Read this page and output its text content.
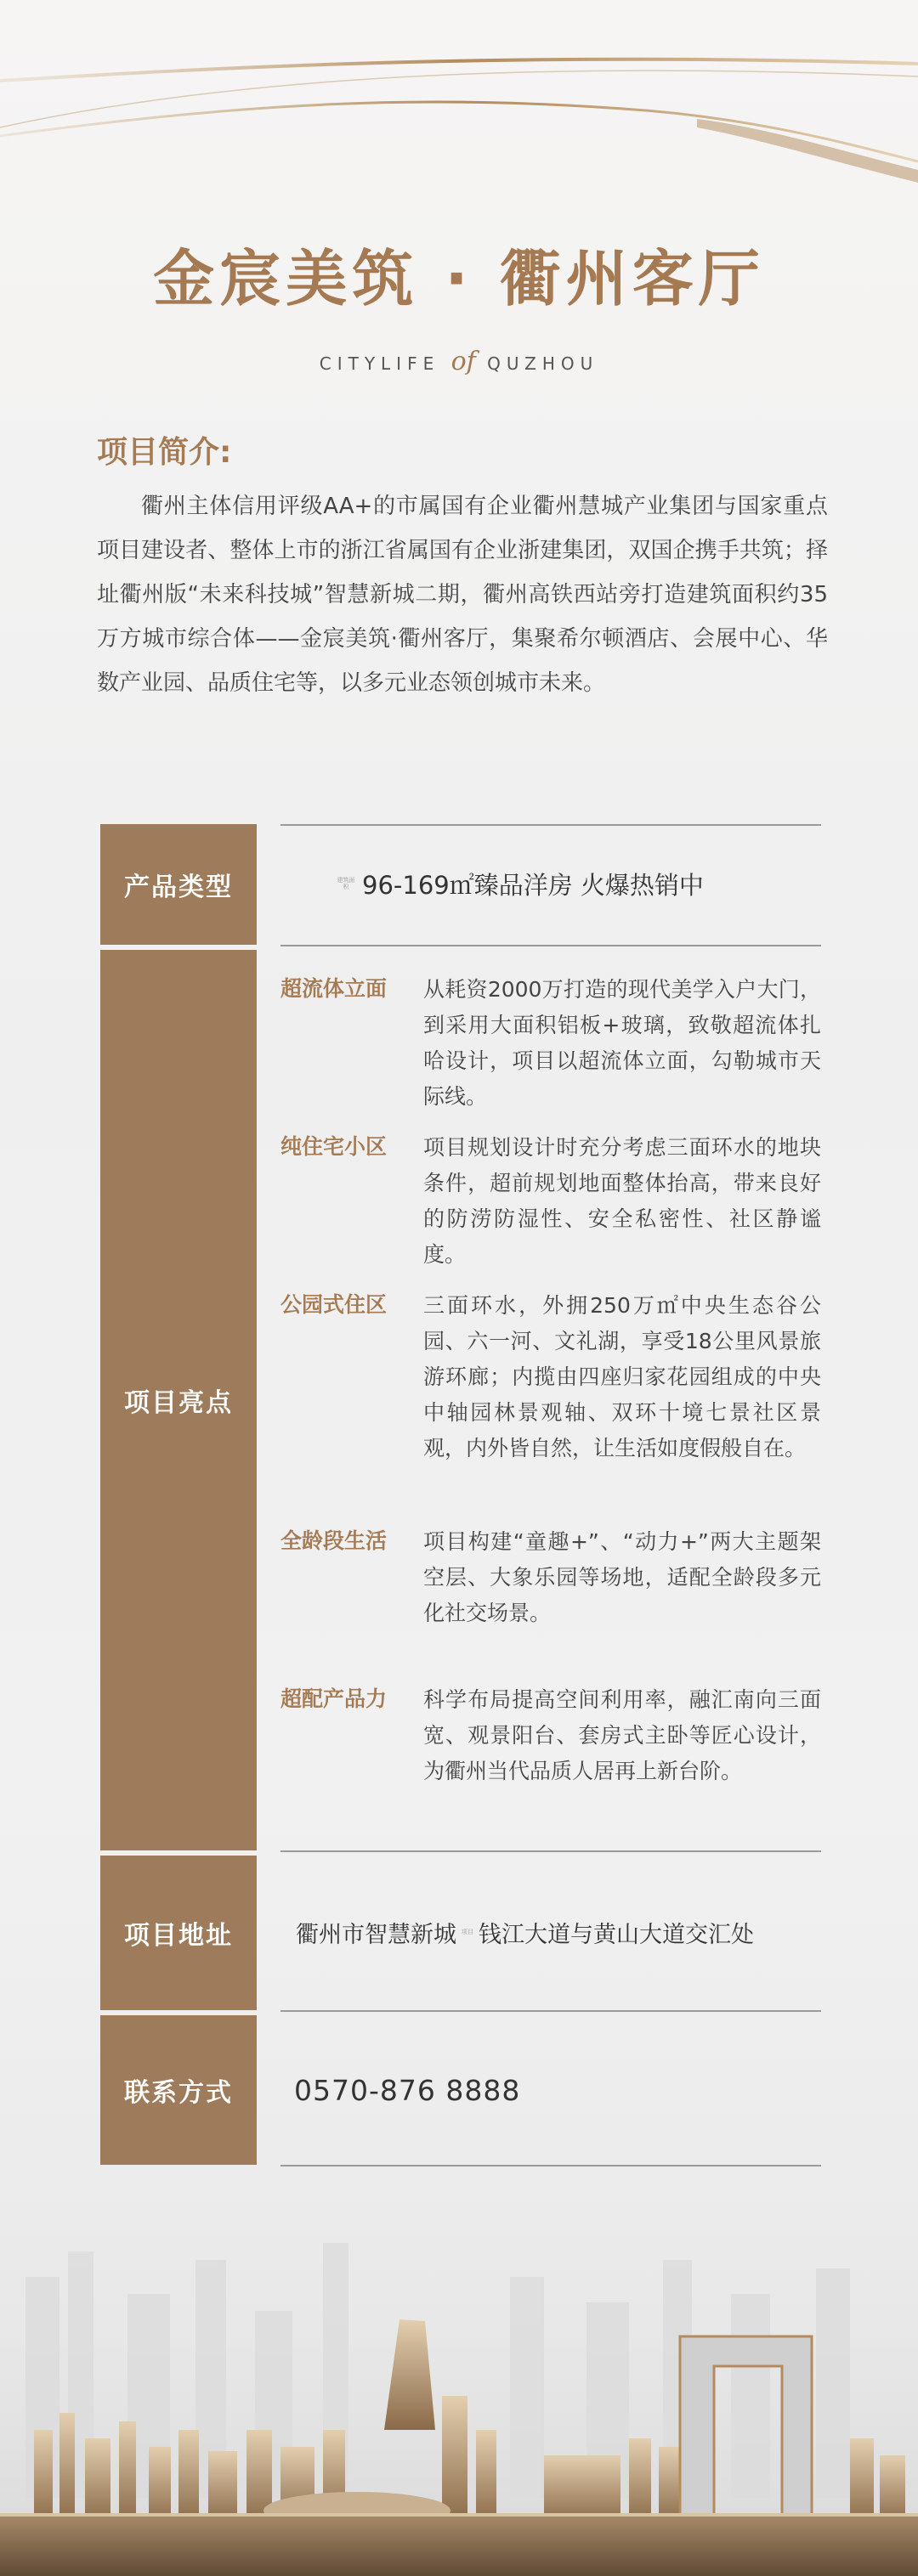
金宸美筑 · 衢州客厅
CITYLIFE of QUZHOU
项目简介:
衢州主体信用评级AA+的市属国有企业衢州慧城产业集团与国家重点项目建设者、整体上市的浙江省属国有企业浙建集团，双国企携手共筑；择址衢州版“未来科技城”智慧新城二期，衢州高铁西站旁打造建筑面积约35万方城市综合体——金宸美筑·衢州客厅，集聚希尔顿酒店、会展中心、华数产业园、品质住宅等，以多元业态领创城市未来。
产品类型	建筑面积 96-169㎡臻品洋房 火爆热销中
项目亮点
超流体立面 从耗资2000万打造的现代美学入户大门，到采用大面积铝板+玻璃，致敬超流体扎哈设计，项目以超流体立面，勾勒城市天际线。
纯住宅小区 项目规划设计时充分考虑三面环水的地块条件，超前规划地面整体抬高，带来良好的防涝防湿性、安全私密性、社区静谧度。
公园式住区 三面环水，外拥250万㎡中央生态谷公园、六一河、文礼湖，享受18公里风景旅游环廊；内揽由四座归家花园组成的中央中轴园林景观轴、双环十境七景社区景观，内外皆自然，让生活如度假般自在。
全龄段生活 项目构建“童趣+”、“动力+”两大主题架空层、大象乐园等场地，适配全龄段多元化社交场景。
超配产品力 科学布局提高空间利用率，融汇南向三面宽、观景阳台、套房式主卧等匠心设计，为衢州当代品质人居再上新台阶。
项目地址	衢州市智慧新城 项目 钱江大道与黄山大道交汇处
联系方式	0570-876 8888
